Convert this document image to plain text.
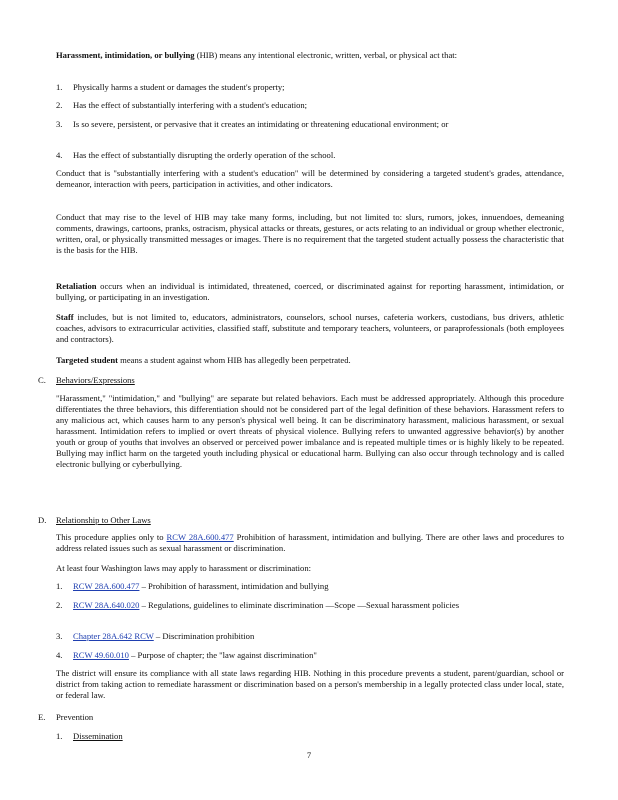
Harassment, intimidation, or bullying (HIB) means any intentional electronic, written, verbal, or physical act that:

1. Physically harms a student or damages the student's property;
2. Has the effect of substantially interfering with a student's education;
3. Is so severe, persistent, or pervasive that it creates an intimidating or threatening educational environment; or
4. Has the effect of substantially disrupting the orderly operation of the school.
Conduct that is "substantially interfering with a student's education" will be determined by considering a targeted student's grades, attendance, demeanor, interaction with peers, participation in activities, and other indicators.
Conduct that may rise to the level of HIB may take many forms, including, but not limited to: slurs, rumors, jokes, innuendoes, demeaning comments, drawings, cartoons, pranks, ostracism, physical attacks or threats, gestures, or acts relating to an individual or group whether electronic, written, oral, or physically transmitted messages or images. There is no requirement that the targeted student actually possess the characteristic that is the basis for the HIB.

Retaliation occurs when an individual is intimidated, threatened, coerced, or discriminated against for reporting harassment, intimidation, or bullying, or participating in an investigation.

Staff includes, but is not limited to, educators, administrators, counselors, school nurses, cafeteria workers, custodians, bus drivers, athletic coaches, advisors to extracurricular activities, classified staff, substitute and temporary teachers, volunteers, or paraprofessionals (both employees and contractors).

Targeted student means a student against whom HIB has allegedly been perpetrated.

C. Behaviors/Expressions
"Harassment," "intimidation," and "bullying" are separate but related behaviors. Each must be addressed appropriately. Although this procedure differentiates the three behaviors, this differentiation should not be considered part of the legal definition of these behaviors. Harassment refers to any malicious act, which causes harm to any person's physical well being. It can be discriminatory harassment, malicious harassment, or sexual harassment. Intimidation refers to implied or overt threats of physical violence. Bullying refers to unwanted aggressive behavior(s) by another youth or group of youths that involves an observed or perceived power imbalance and is repeated multiple times or is highly likely to be repeated. Bullying may inflict harm on the targeted youth including physical or educational harm. Bullying can also occur through technology and is called electronic bullying or cyberbullying.
D. Relationship to Other Laws

This procedure applies only to RCW 28A.600.477 Prohibition of harassment, intimidation and bullying. There are other laws and procedures to address related issues such as sexual harassment or discrimination.

At least four Washington laws may apply to harassment or discrimination:
1. RCW 28A.600.477 – Prohibition of harassment, intimidation and bullying
2. RCW 28A.640.020 – Regulations, guidelines to eliminate discrimination —Scope —Sexual harassment policies
3. Chapter 28A.642 RCW – Discrimination prohibition
4. RCW 49.60.010 – Purpose of chapter; the "law against discrimination"
The district will ensure its compliance with all state laws regarding HIB. Nothing in this procedure prevents a student, parent/guardian, school or district from taking action to remediate harassment or discrimination based on a person's membership in a legally protected class under local, state, or federal law.
E. Prevention
1. Dissemination
7
